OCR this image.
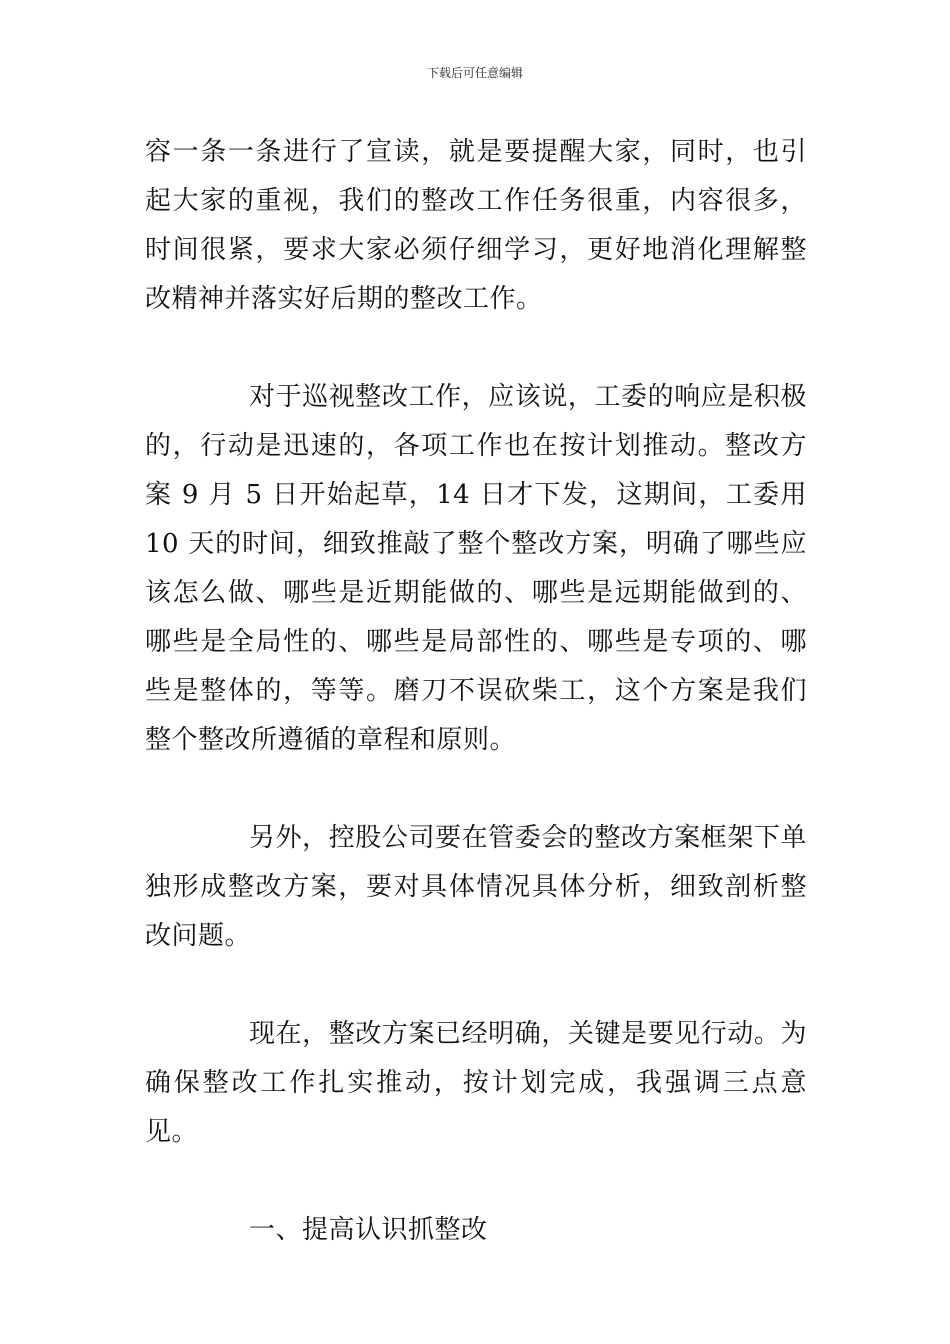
下载后可任意编辑

容一条一条进行了宣读，就是要提醒大家，同时，也引起大家的重视，我们的整改工作任务很重，内容很多，时间很紧，要求大家必须仔细学习，更好地消化理解整改精神并落实好后期的整改工作。

对于巡视整改工作，应该说，工委的响应是积极的，行动是迅速的，各项工作也在按计划推动。整改方案 9 月 5 日开始起草，14 日才下发，这期间，工委用 10 天的时间，细致推敲了整个整改方案，明确了哪些应该怎么做、哪些是近期能做的、哪些是远期能做到的、哪些是全局性的、哪些是局部性的、哪些是专项的、哪些是整体的，等等。磨刀不误砍柴工，这个方案是我们整个整改所遵循的章程和原则。

另外，控股公司要在管委会的整改方案框架下单独形成整改方案，要对具体情况具体分析，细致剖析整改问题。

现在，整改方案已经明确，关键是要见行动。为确保整改工作扎实推动，按计划完成，我强调三点意见。

一、提高认识抓整改
